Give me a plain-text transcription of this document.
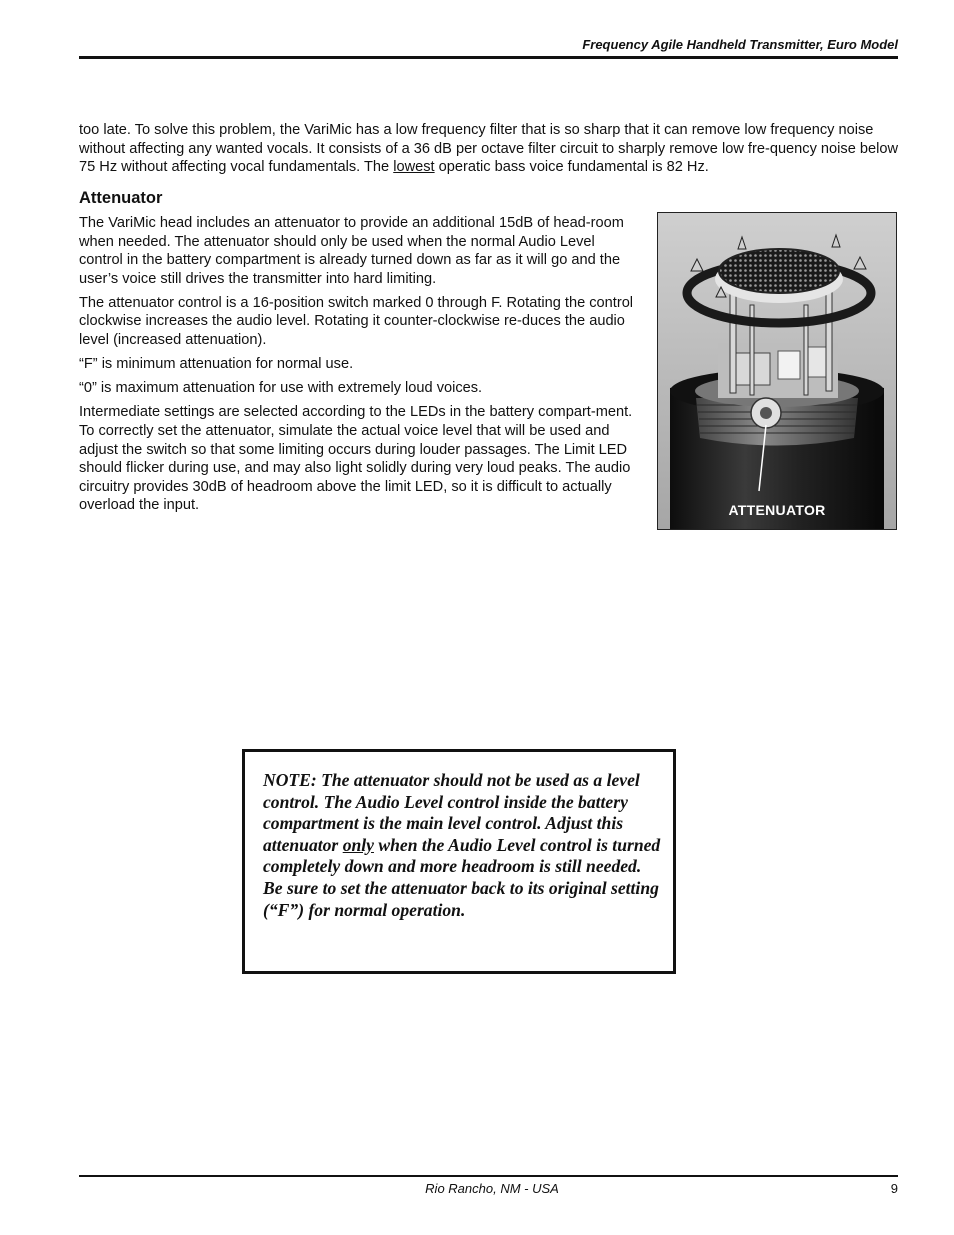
Frequency Agile Handheld Transmitter, Euro Model

too late. To solve this problem, the VariMic has a low frequency filter that is so sharp that it can remove low frequency noise without affecting any wanted vocals. It consists of a 36 dB per octave filter circuit to sharply remove low fre-quency noise below 75 Hz without affecting vocal fundamentals. The lowest operatic bass voice fundamental is 82 Hz.

Attenuator

The VariMic head includes an attenuator to provide an additional 15dB of head-room when needed. The attenuator should only be used when the normal Audio Level control in the battery compartment is already turned down as far as it will go and the user’s voice still drives the transmitter into hard limiting.

The attenuator control is a 16-position switch marked 0 through F. Rotating the control clockwise increases the audio level. Rotating it counter-clockwise re-duces the audio level (increased attenuation).

“F” is minimum attenuation for normal use.

“0” is maximum attenuation for use with extremely loud voices.

Intermediate settings are selected according to the LEDs in the battery compart-ment. To correctly set the attenuator, simulate the actual voice level that will be used and adjust the switch so that some limiting occurs during louder passages. The Limit LED should flicker during use, and may also light solidly during very loud peaks. The audio circuitry provides 30dB of headroom above the limit LED, so it is difficult to actually overload the input.	ATTENUATOR

NOTE: The attenuator should not be used as a level control. The Audio Level control inside the battery compartment is the main level control. Adjust this attenuator only when the Audio Level control is turned completely down and more headroom is still needed. Be sure to set the attenuator back to its original setting (“F”) for normal operation.

Rio Rancho, NM - USA	9
